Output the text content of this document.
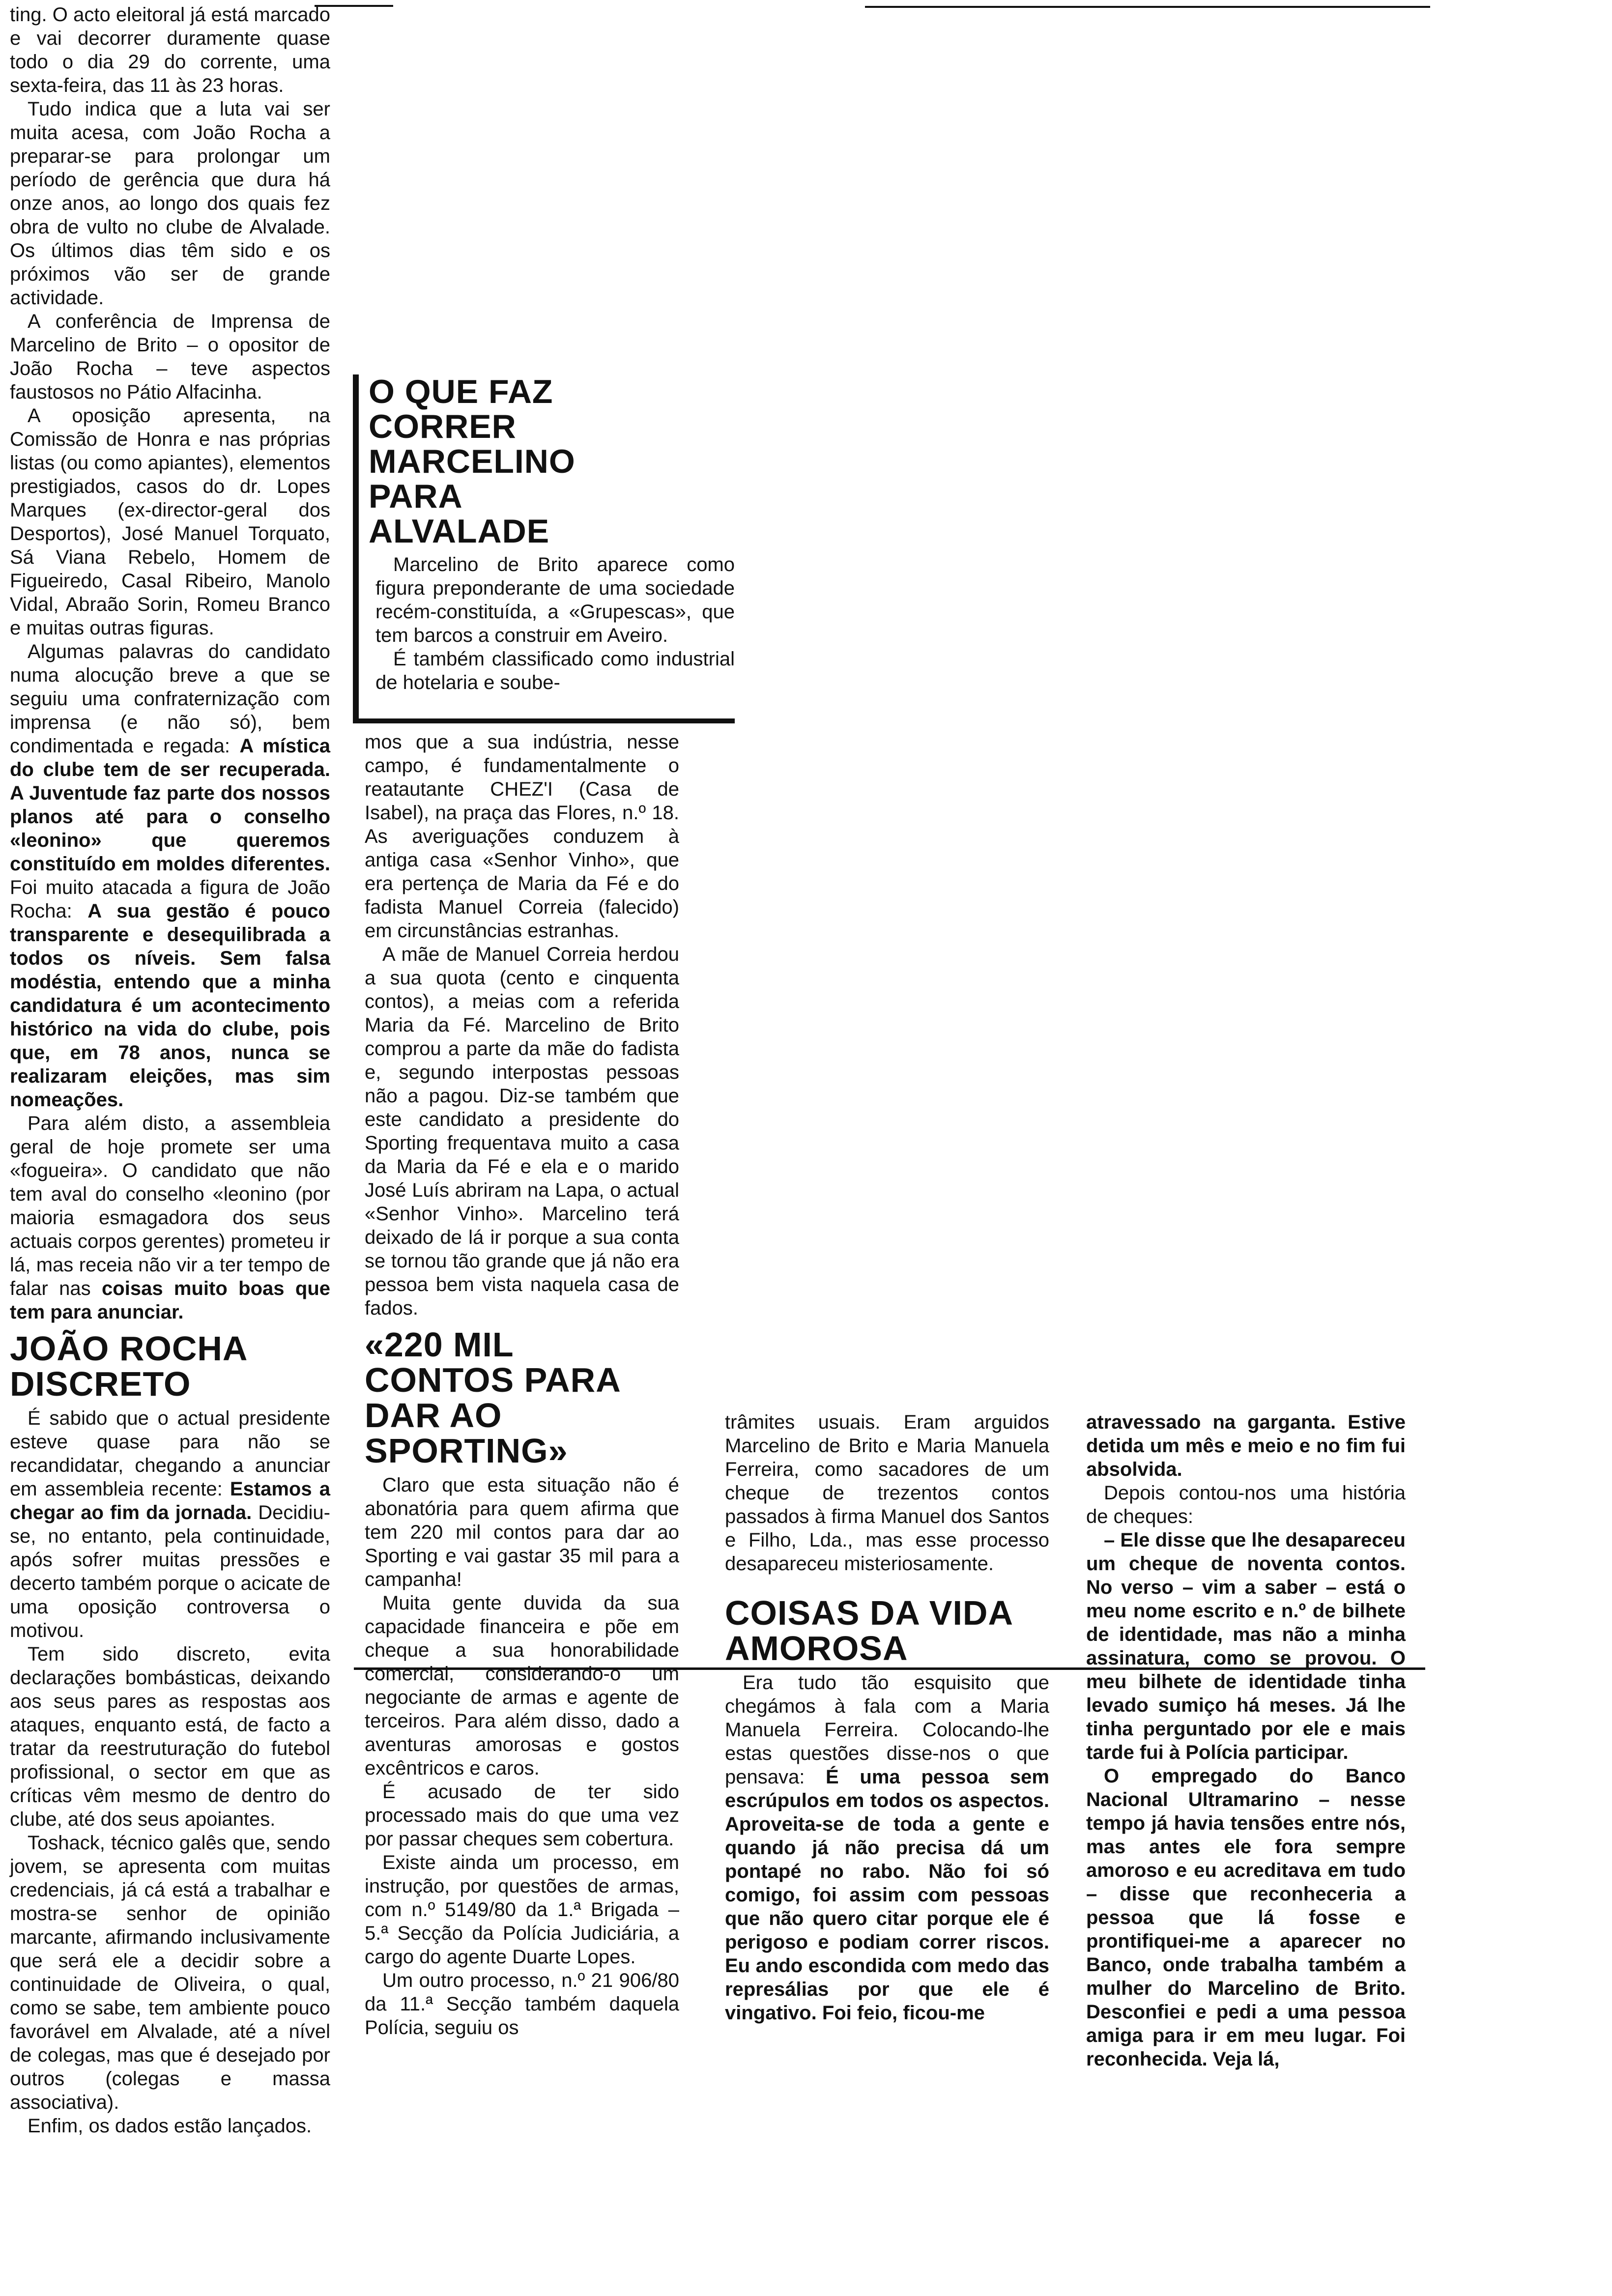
ting. O acto eleitoral já está marcado e vai decorrer duramente quase todo o dia 29 do corrente, uma sexta-feira, das 11 às 23 horas.

Tudo indica que a luta vai ser muita acesa, com João Rocha a preparar-se para prolongar um período de gerência que dura há onze anos, ao longo dos quais fez obra de vulto no clube de Alvalade. Os últimos dias têm sido e os próximos vão ser de grande actividade.

A conferência de Imprensa de Marcelino de Brito – o opositor de João Rocha – teve aspectos faustosos no Pátio Alfacinha.

A oposição apresenta, na Comissão de Honra e nas próprias listas (ou como apiantes), elementos prestigiados, casos do dr. Lopes Marques (ex-director-geral dos Desportos), José Manuel Torquato, Sá Viana Rebelo, Homem de Figueiredo, Casal Ribeiro, Manolo Vidal, Abraão Sorin, Romeu Branco e muitas outras figuras.

Algumas palavras do candidato numa alocução breve a que se seguiu uma confraternização com imprensa (e não só), bem condimentada e regada: A mística do clube tem de ser recuperada. A Juventude faz parte dos nossos planos até para o conselho «leonino» que queremos constituído em moldes diferentes. Foi muito atacada a figura de João Rocha: A sua gestão é pouco transparente e desequilibrada a todos os níveis. Sem falsa modéstia, entendo que a minha candidatura é um acontecimento histórico na vida do clube, pois que, em 78 anos, nunca se realizaram eleições, mas sim nomeações.

Para além disto, a assembleia geral de hoje promete ser uma «fogueira». O candidato que não tem aval do conselho «leonino (por maioria esmagadora dos seus actuais corpos gerentes) prometeu ir lá, mas receia não vir a ter tempo de falar nas coisas muito boas que tem para anunciar.

JOÃO ROCHA DISCRETO

É sabido que o actual presidente esteve quase para não se recandidatar, chegando a anunciar em assembleia recente: Estamos a chegar ao fim da jornada. Decidiu-se, no entanto, pela continuidade, após sofrer muitas pressões e decerto também porque o acicate de uma oposição controversa o motivou.

Tem sido discreto, evita declarações bombásticas, deixando aos seus pares as respostas aos ataques, enquanto está, de facto a tratar da reestruturação do futebol profissional, o sector em que as críticas vêm mesmo de dentro do clube, até dos seus apoiantes.

Toshack, técnico galês que, sendo jovem, se apresenta com muitas credenciais, já cá está a trabalhar e mostra-se senhor de opinião marcante, afirmando inclusivamente que será ele a decidir sobre a continuidade de Oliveira, o qual, como se sabe, tem ambiente pouco favorável em Alvalade, até a nível de colegas, mas que é desejado por outros (colegas e massa associativa).

Enfim, os dados estão lançados.

O QUE FAZ CORRER MARCELINO PARA ALVALADE

Marcelino de Brito aparece como figura preponderante de uma sociedade recém-constituída, a «Grupescas», que tem barcos a construir em Aveiro.

É também classificado como industrial de hotelaria e soube-

mos que a sua indústria, nesse campo, é fundamentalmente o reatautante CHEZ'I (Casa de Isabel), na praça das Flores, n.º 18. As averiguações conduzem à antiga casa «Senhor Vinho», que era pertença de Maria da Fé e do fadista Manuel Correia (falecido) em circunstâncias estranhas.

A mãe de Manuel Correia herdou a sua quota (cento e cinquenta contos), a meias com a referida Maria da Fé. Marcelino de Brito comprou a parte da mãe do fadista e, segundo interpostas pessoas não a pagou. Diz-se também que este candidato a presidente do Sporting frequentava muito a casa da Maria da Fé e ela e o marido José Luís abriram na Lapa, o actual «Senhor Vinho». Marcelino terá deixado de lá ir porque a sua conta se tornou tão grande que já não era pessoa bem vista naquela casa de fados.

«220 MIL CONTOS PARA DAR AO SPORTING»

Claro que esta situação não é abonatória para quem afirma que tem 220 mil contos para dar ao Sporting e vai gastar 35 mil para a campanha!

Muita gente duvida da sua capacidade financeira e põe em cheque a sua honorabilidade comercial, considerando-o um negociante de armas e agente de terceiros. Para além disso, dado a aventuras amorosas e gostos excêntricos e caros.

É acusado de ter sido processado mais do que uma vez por passar cheques sem cobertura.

Existe ainda um processo, em instrução, por questões de armas, com n.º 5149/80 da 1.ª Brigada – 5.ª Secção da Polícia Judiciária, a cargo do agente Duarte Lopes.

Um outro processo, n.º 21 906/80 da 11.ª Secção também daquela Polícia, seguiu os

trâmites usuais. Eram arguidos Marcelino de Brito e Maria Manuela Ferreira, como sacadores de um cheque de trezentos contos passados à firma Manuel dos Santos e Filho, Lda., mas esse processo desapareceu misteriosamente.

COISAS DA VIDA AMOROSA

Era tudo tão esquisito que chegámos à fala com a Maria Manuela Ferreira. Colocando-lhe estas questões disse-nos o que pensava: É uma pessoa sem escrúpulos em todos os aspectos. Aproveita-se de toda a gente e quando já não precisa dá um pontapé no rabo. Não foi só comigo, foi assim com pessoas que não quero citar porque ele é perigoso e podiam correr riscos. Eu ando escondida com medo das represálias por que ele é vingativo. Foi feio, ficou-me

atravessado na garganta. Estive detida um mês e meio e no fim fui absolvida.

Depois contou-nos uma história de cheques:

– Ele disse que lhe desapareceu um cheque de noventa contos. No verso – vim a saber – está o meu nome escrito e n.º de bilhete de identidade, mas não a minha assinatura, como se provou. O meu bilhete de identidade tinha levado sumiço há meses. Já lhe tinha perguntado por ele e mais tarde fui à Polícia participar.

O empregado do Banco Nacional Ultramarino – nesse tempo já havia tensões entre nós, mas antes ele fora sempre amoroso e eu acreditava em tudo – disse que reconheceria a pessoa que lá fosse e prontifiquei-me a aparecer no Banco, onde trabalha também a mulher do Marcelino de Brito. Desconfiei e pedi a uma pessoa amiga para ir em meu lugar. Foi reconhecida. Veja lá,
